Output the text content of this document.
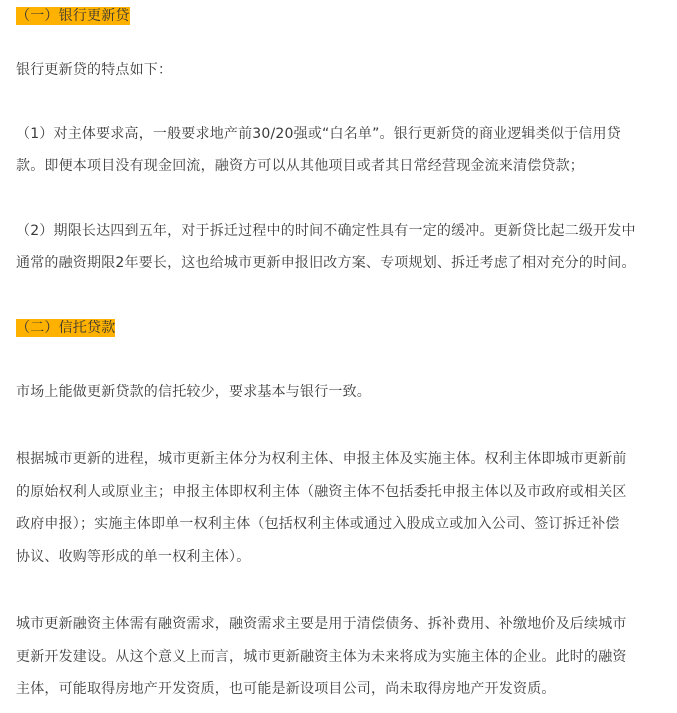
（一）银行更新贷
银行更新贷的特点如下：
（1）对主体要求高，一般要求地产前30/20强或“白名单”。银行更新贷的商业逻辑类似于信用贷
款。即便本项目没有现金回流，融资方可以从其他项目或者其日常经营现金流来清偿贷款；
（2）期限长达四到五年，对于拆迁过程中的时间不确定性具有一定的缓冲。更新贷比起二级开发中
通常的融资期限2年要长，这也给城市更新申报旧改方案、专项规划、拆迁考虑了相对充分的时间。
（二）信托贷款
市场上能做更新贷款的信托较少，要求基本与银行一致。
根据城市更新的进程，城市更新主体分为权利主体、申报主体及实施主体。权利主体即城市更新前
的原始权利人或原业主；申报主体即权利主体（融资主体不包括委托申报主体以及市政府或相关区
政府申报）；实施主体即单一权利主体（包括权利主体或通过入股成立或加入公司、签订拆迁补偿
协议、收购等形成的单一权利主体）。
城市更新融资主体需有融资需求，融资需求主要是用于清偿债务、拆补费用、补缴地价及后续城市
更新开发建设。从这个意义上而言，城市更新融资主体为未来将成为实施主体的企业。此时的融资
主体，可能取得房地产开发资质，也可能是新设项目公司，尚未取得房地产开发资质。
